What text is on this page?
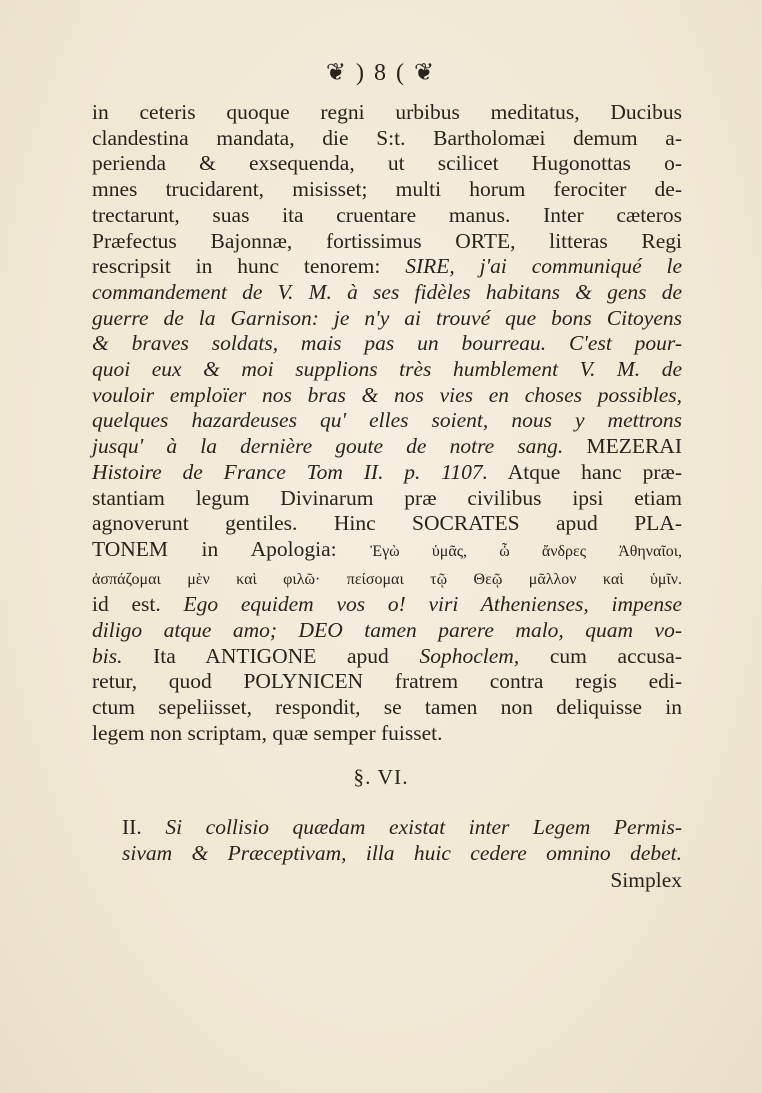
❦ ) 8 ( ❦
in ceteris quoque regni urbibus meditatus, Ducibus
clandestina mandata, die S:t. Bartholomæi demum a-
perienda & exsequenda, ut scilicet Hugonottas o-
mnes trucidarent, misisset; multi horum ferociter de-
trectarunt, suas ita cruentare manus. Inter cæteros
Præfectus Bajonnæ, fortissimus ORTE, litteras Regi
rescripsit in hunc tenorem: SIRE, j'ai communiqué le
commandement de V. M. à ses fidèles habitans & gens de
guerre de la Garnison: je n'y ai trouvé que bons Citoyens
& braves soldats, mais pas un bourreau. C'est pour-
quoi eux & moi supplions très humblement V. M. de
vouloir emploïer nos bras & nos vies en choses possibles,
quelques hazardeuses qu' elles soient, nous y mettrons
jusqu' à la dernière goute de notre sang. MEZERAI
Histoire de France Tom II. p. 1107. Atque hanc præ-
stantiam legum Divinarum præ civilibus ipsi etiam
agnoverunt gentiles. Hinc SOCRATES apud PLA-
TONEM in Apologia: Ἐγὼ ὑμᾶς, ὦ ἄνδρες Ἀθηναῖοι,
ἀσπάζομαι μὲν καὶ φιλῶ· πείσομαι τῷ Θεῷ μᾶλλον καὶ ὑμῖν.
id est. Ego equidem vos o! viri Athenienses, impense
diligo atque amo; DEO tamen parere malo, quam vo-
bis. Ita ANTIGONE apud Sophoclem, cum accusa-
retur, quod POLYNICEN fratrem contra regis edi-
ctum sepeliisset, respondit, se tamen non deliquisse in
legem non scriptam, quæ semper fuisset.
§. VI.
II. Si collisio quædam existat inter Legem Permis-
sivam & Præceptivam, illa huic cedere omnino debet.
Simplex
